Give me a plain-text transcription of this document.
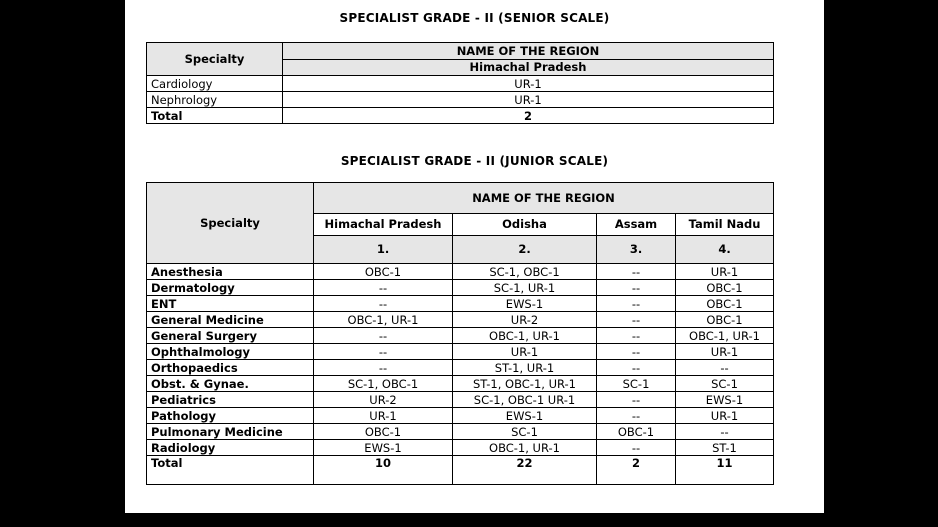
SPECIALIST GRADE - II (SENIOR SCALE)
Specialty	NAME OF THE REGION
	Himachal Pradesh
Cardiology	UR-1
Nephrology	UR-1
Total	2
SPECIALIST GRADE - II (JUNIOR SCALE)
Specialty	NAME OF THE REGION			
	Himachal Pradesh	Odisha	Assam	Tamil Nadu
	1.	2.	3.	4.
Anesthesia	OBC-1	SC-1, OBC-1	--	UR-1
Dermatology	--	SC-1, UR-1	--	OBC-1
ENT	--	EWS-1	--	OBC-1
General Medicine	OBC-1, UR-1	UR-2	--	OBC-1
General Surgery	--	OBC-1, UR-1	--	OBC-1, UR-1
Ophthalmology	--	UR-1	--	UR-1
Orthopaedics	--	ST-1, UR-1	--	--
Obst. & Gynae.	SC-1, OBC-1	ST-1, OBC-1, UR-1	SC-1	SC-1
Pediatrics	UR-2	SC-1, OBC-1 UR-1	--	EWS-1
Pathology	UR-1	EWS-1	--	UR-1
Pulmonary Medicine	OBC-1	SC-1	OBC-1	--
Radiology	EWS-1	OBC-1, UR-1	--	ST-1
Total	10	22	2	11
